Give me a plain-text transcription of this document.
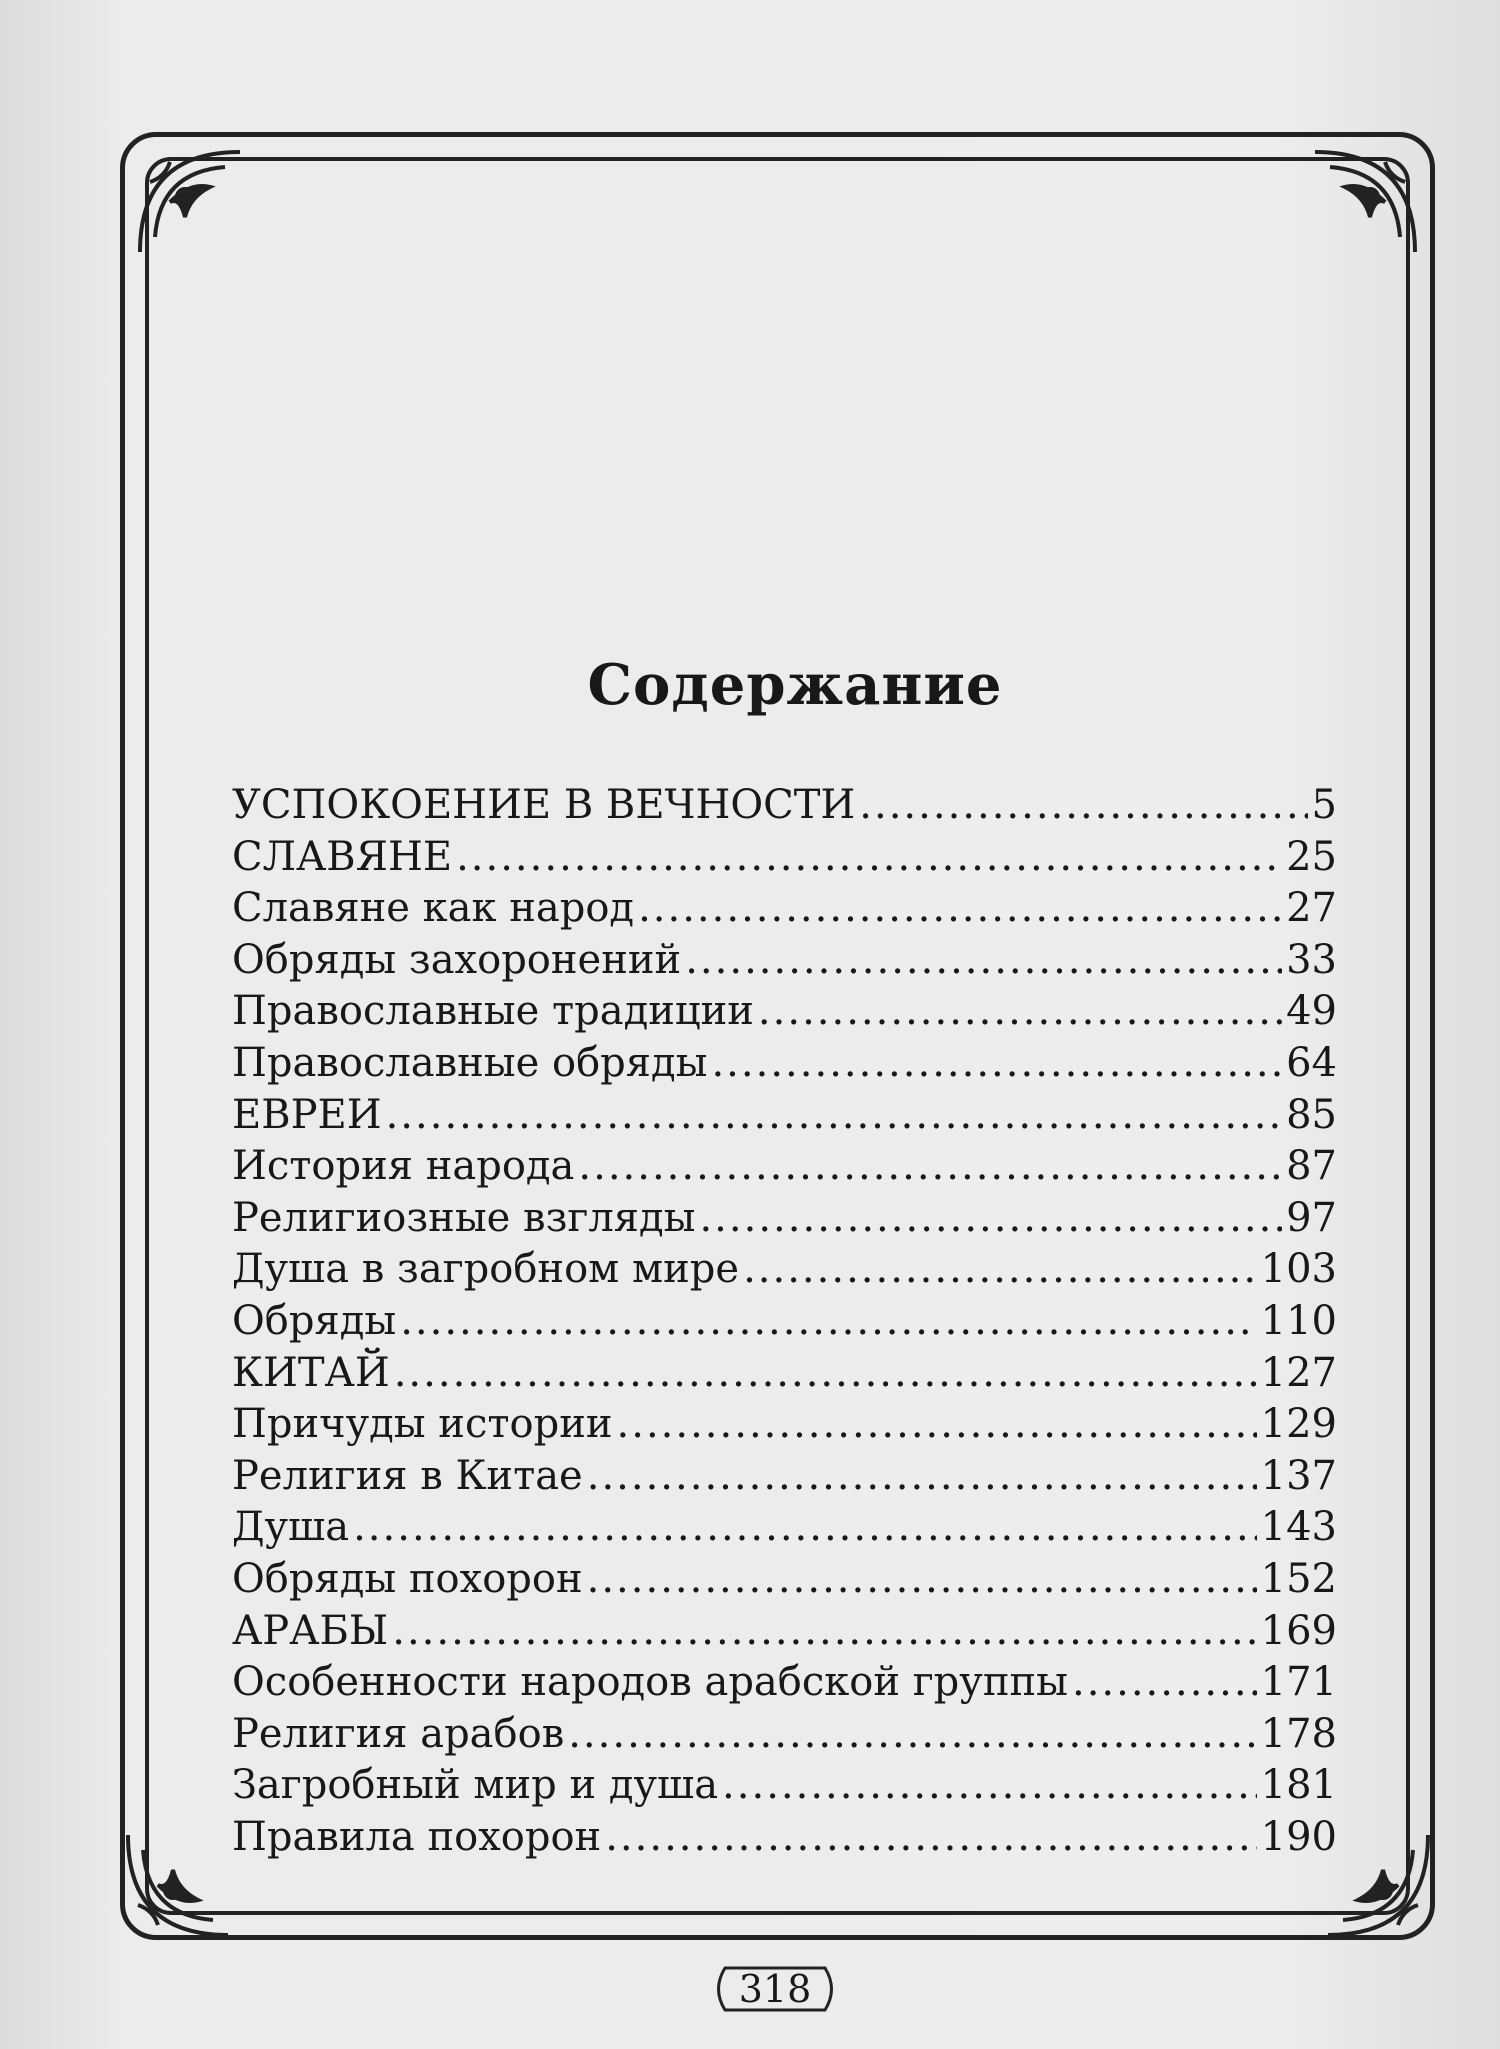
Содержание
УСПОКОЕНИЕ В ВЕЧНОСТИ .....	5
СЛАВЯНЕ .....	25
Славяне как народ .....	27
Обряды захоронений .....	33
Православные традиции .....	49
Православные обряды .....	64
ЕВРЕИ .....	85
История народа .....	87
Религиозные взгляды .....	97
Душа в загробном мире .....	103
Обряды .....	110
КИТАЙ .....	127
Причуды истории .....	129
Религия в Китае .....	137
Душа .....	143
Обряды похорон .....	152
АРАБЫ .....	169
Особенности народов арабской группы .....	171
Религия арабов .....	178
Загробный мир и душа .....	181
Правила похорон .....	190
318
